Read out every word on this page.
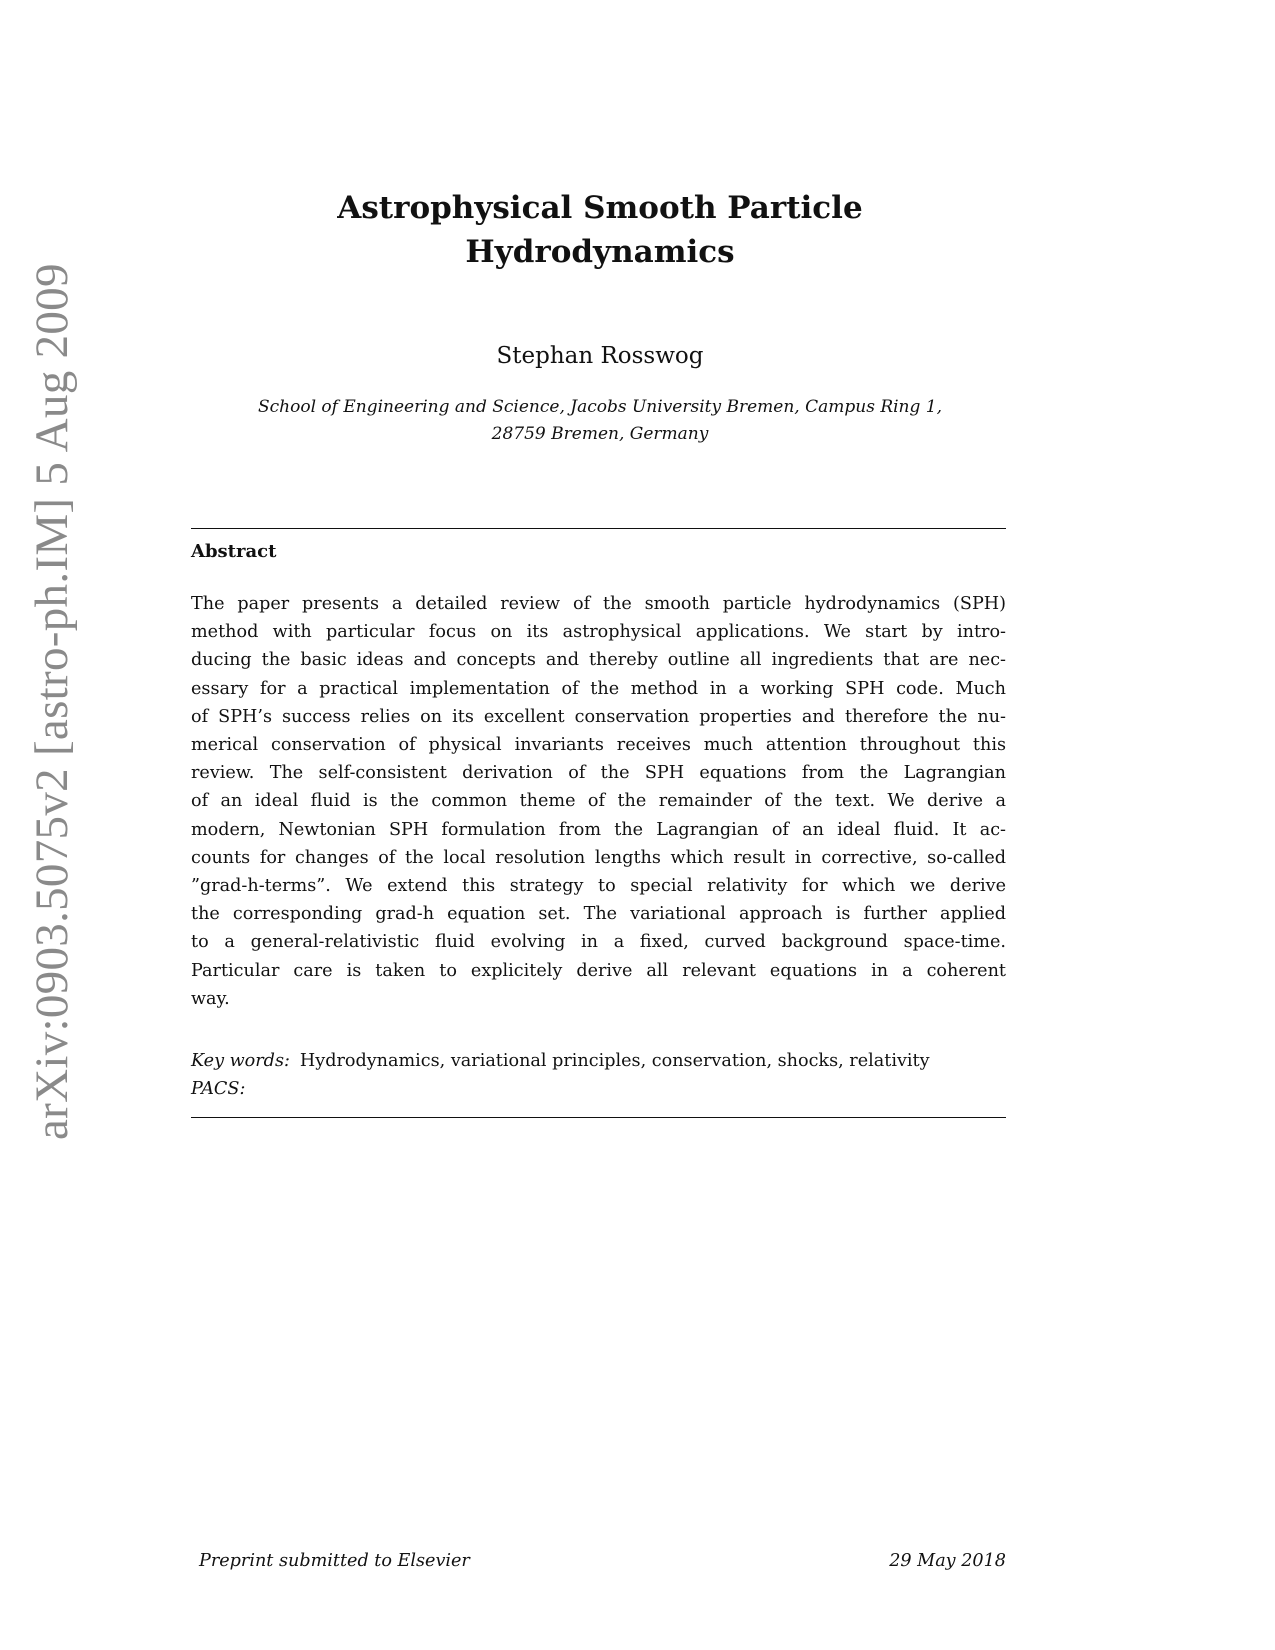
arXiv:0903.5075v2 [astro-ph.IM] 5 Aug 2009
Astrophysical Smooth Particle
Hydrodynamics
Stephan Rosswog
School of Engineering and Science, Jacobs University Bremen, Campus Ring 1,
28759 Bremen, Germany
Abstract
The paper presents a detailed review of the smooth particle hydrodynamics (SPH)
method with particular focus on its astrophysical applications. We start by intro-
ducing the basic ideas and concepts and thereby outline all ingredients that are nec-
essary for a practical implementation of the method in a working SPH code. Much
of SPH’s success relies on its excellent conservation properties and therefore the nu-
merical conservation of physical invariants receives much attention throughout this
review. The self-consistent derivation of the SPH equations from the Lagrangian
of an ideal fluid is the common theme of the remainder of the text. We derive a
modern, Newtonian SPH formulation from the Lagrangian of an ideal fluid. It ac-
counts for changes of the local resolution lengths which result in corrective, so-called
”grad-h-terms”. We extend this strategy to special relativity for which we derive
the corresponding grad-h equation set. The variational approach is further applied
to a general-relativistic fluid evolving in a fixed, curved background space-time.
Particular care is taken to explicitely derive all relevant equations in a coherent
way.
Key words: Hydrodynamics, variational principles, conservation, shocks, relativity
PACS:
Preprint submitted to Elsevier	29 May 2018
